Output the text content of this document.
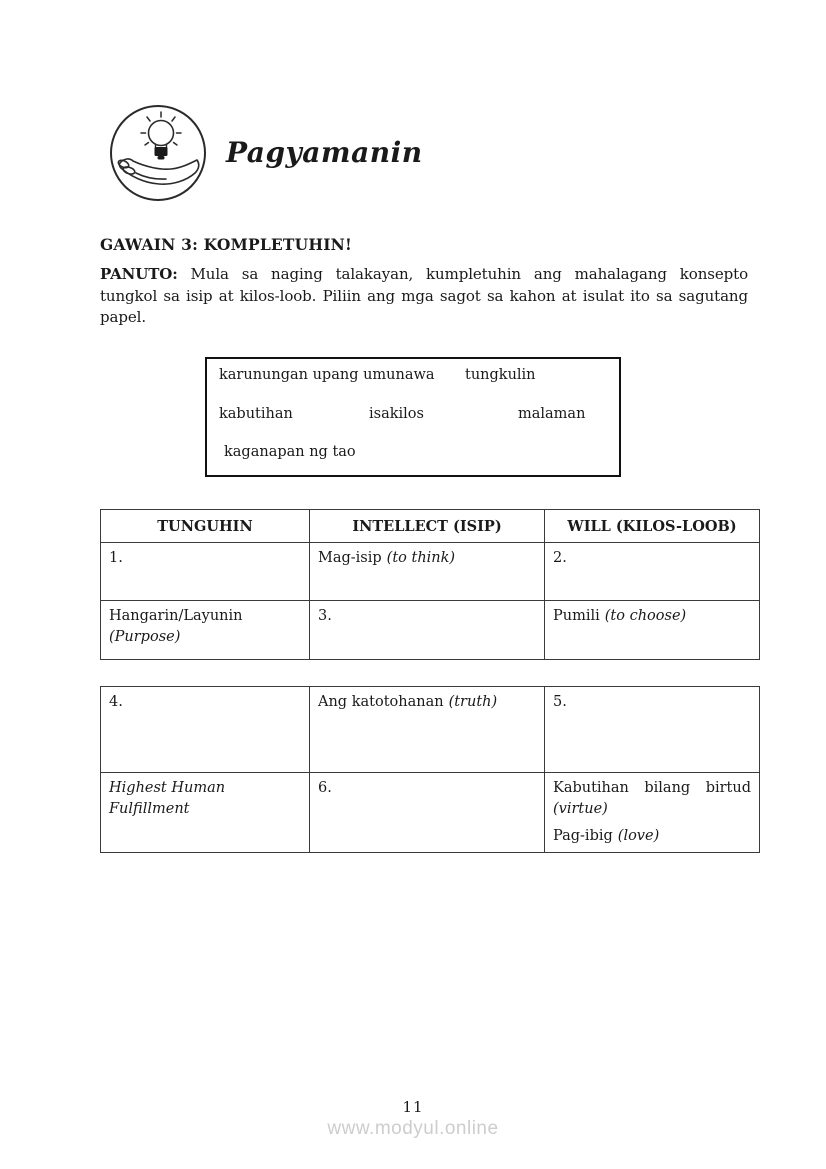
Pagyamanin
GAWAIN 3: KOMPLETUHIN!
PANUTO: Mula sa naging talakayan, kumpletuhin ang mahalagang konsepto
tungkol sa isip at kilos-loob. Piliin ang mga sagot sa kahon at isulat ito sa sagutang
papel.
karunungan upang umunawa tungkulin
kabutihan	isakilos	malaman
kaganapan ng tao
TUNGUHIN	INTELLECT (ISIP)	WILL (KILOS-LOOB)
1.	Mag-isip (to think)	2.

Hangarin/Layunin
(Purpose)	3.	Pumili (to choose)
4.	Ang katotohanan (truth)	5.

Highest Human Fulfillment	6.	Kabutihan bilang birtud
(virtue)
Pag-ibig (love)
11
www.modyul.online
